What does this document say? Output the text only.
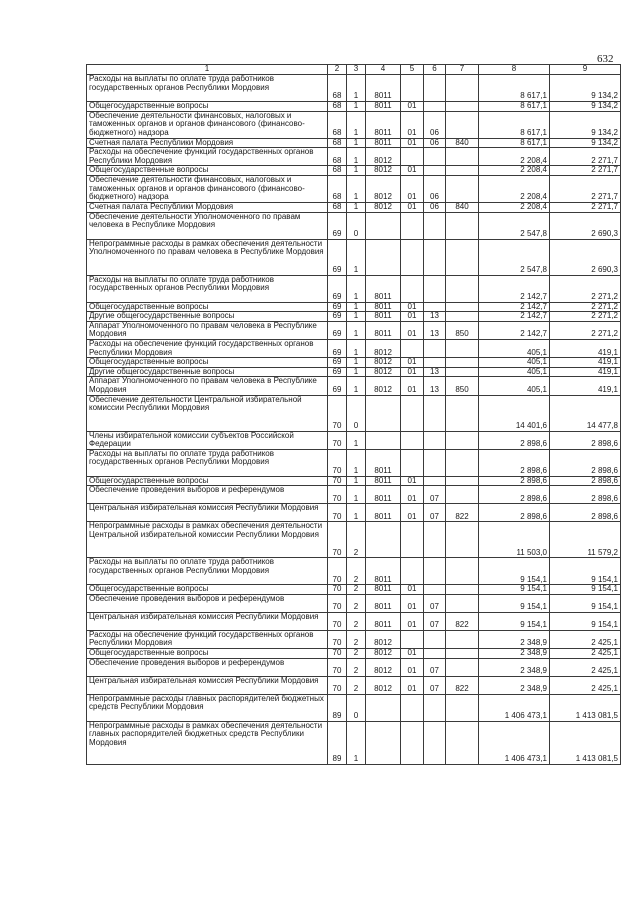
632
1	2	3	4	5	6	7	8	9
Расходы на выплаты по оплате труда работников государственных органов Республики Мордовия	68	1	8011				8 617,1	9 134,2
Общегосударственные вопросы	68	1	8011	01			8 617,1	9 134,2
Обеспечение деятельности финансовых, налоговых и таможенных органов и органов финансового (финансово-бюджетного) надзора	68	1	8011	01	06		8 617,1	9 134,2
Счетная палата Республики Мордовия	68	1	8011	01	06	840	8 617,1	9 134,2
Расходы на обеспечение функций государственных органов Республики Мордовия	68	1	8012				2 208,4	2 271,7
Общегосударственные вопросы	68	1	8012	01			2 208,4	2 271,7
Обеспечение деятельности финансовых, налоговых и таможенных органов и органов финансового (финансово-бюджетного) надзора	68	1	8012	01	06		2 208,4	2 271,7
Счетная палата Республики Мордовия	68	1	8012	01	06	840	2 208,4	2 271,7
Обеспечение деятельности Уполномоченного по правам человека в Республике Мордовия	69	0					2 547,8	2 690,3
Непрограммные расходы в рамках обеспечения деятельности Уполномоченного по правам человека в Республике Мордовия	69	1					2 547,8	2 690,3
Расходы на выплаты по оплате труда работников государственных органов Республики Мордовия	69	1	8011				2 142,7	2 271,2
Общегосударственные вопросы	69	1	8011	01			2 142,7	2 271,2
Другие общегосударственные вопросы	69	1	8011	01	13		2 142,7	2 271,2
Аппарат Уполномоченного по правам человека в Республике Мордовия	69	1	8011	01	13	850	2 142,7	2 271,2
Расходы на обеспечение функций государственных органов Республики Мордовия	69	1	8012				405,1	419,1
Общегосударственные вопросы	69	1	8012	01			405,1	419,1
Другие общегосударственные вопросы	69	1	8012	01	13		405,1	419,1
Аппарат Уполномоченного по правам человека в Республике Мордовия	69	1	8012	01	13	850	405,1	419,1
Обеспечение деятельности Центральной избирательной комиссии Республики Мордовия	70	0					14 401,6	14 477,8
Члены избирательной комиссии субъектов Российской Федерации	70	1					2 898,6	2 898,6
Расходы на выплаты по оплате труда работников государственных органов Республики Мордовия	70	1	8011				2 898,6	2 898,6
Общегосударственные вопросы	70	1	8011	01			2 898,6	2 898,6
Обеспечение проведения выборов и референдумов	70	1	8011	01	07		2 898,6	2 898,6
Центральная избирательная комиссия Республики Мордовия	70	1	8011	01	07	822	2 898,6	2 898,6
Непрограммные расходы в рамках обеспечения деятельности Центральной избирательной комиссии Республики Мордовия	70	2					11 503,0	11 579,2
Расходы на выплаты по оплате труда работников государственных органов Республики Мордовия	70	2	8011				9 154,1	9 154,1
Общегосударственные вопросы	70	2	8011	01			9 154,1	9 154,1
Обеспечение проведения выборов и референдумов	70	2	8011	01	07		9 154,1	9 154,1
Центральная избирательная комиссия Республики Мордовия	70	2	8011	01	07	822	9 154,1	9 154,1
Расходы на обеспечение функций государственных органов Республики Мордовия	70	2	8012				2 348,9	2 425,1
Общегосударственные вопросы	70	2	8012	01			2 348,9	2 425,1
Обеспечение проведения выборов и референдумов	70	2	8012	01	07		2 348,9	2 425,1
Центральная избирательная комиссия Республики Мордовия	70	2	8012	01	07	822	2 348,9	2 425,1
Непрограммные расходы главных распорядителей бюджетных средств Республики Мордовия	89	0					1 406 473,1	1 413 081,5
Непрограммные расходы в рамках обеспечения деятельности главных распорядителей бюджетных средств Республики Мордовия	89	1					1 406 473,1	1 413 081,5
